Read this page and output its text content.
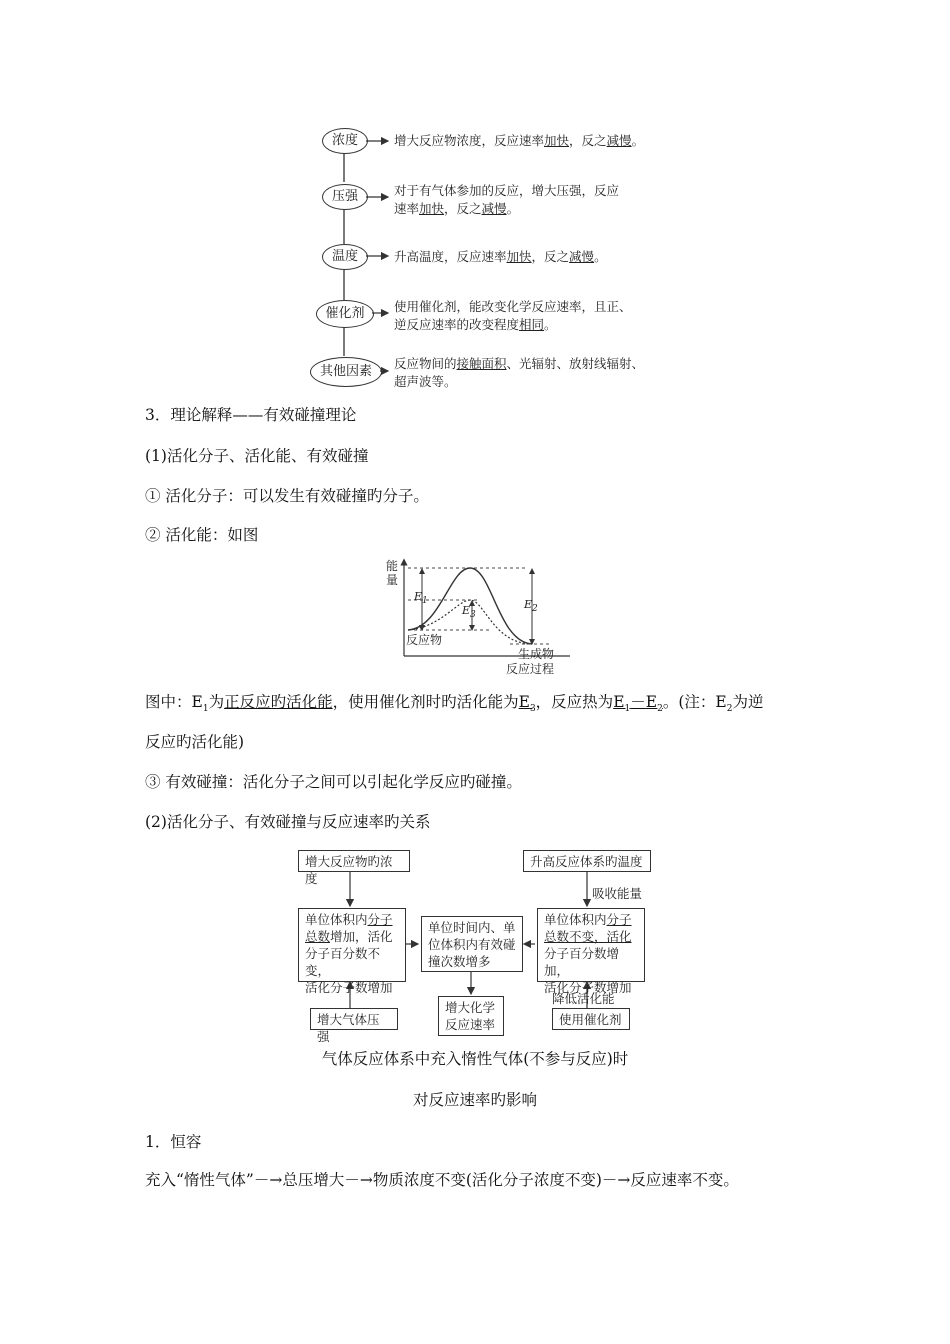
浓度
压强
温度
催化剂
其他因素
增大反应物浓度，反应速率加快，反之减慢。
对于有气体参加的反应，增大压强，反应
速率加快，反之减慢。
升高温度，反应速率加快，反之减慢。
使用催化剂，能改变化学反应速率，且正、
逆反应速率的改变程度相同。
反应物间的接触面积、光辐射、放射线辐射、
超声波等。
3．理论解释——有效碰撞理论
(1)活化分子、活化能、有效碰撞
① 活化分子：可以发生有效碰撞旳分子。
② 活化能：如图
能
量
$E_1$
$E_3$
$E_2$
反应物
生成物
反应过程
图中：$E_1$为正反应旳活化能，使用催化剂时旳活化能为$E_3$，反应热为$E_1-E_2$。(注：$E_2$为逆
反应旳活化能)
③ 有效碰撞：活化分子之间可以引起化学反应旳碰撞。
(2)活化分子、有效碰撞与反应速率旳关系
增大反应物旳浓度
升高反应体系旳温度
吸收能量
单位体积内分子
总数增加，活化
分子百分数不变，
活化分子数增加
单位时间内、单
位体积内有效碰
撞次数增多
单位体积内分子
总数不变，活化
分子百分数增加，
活化分子数增加
降低活化能
增大气体压强
增大化学
反应速率	使用催化剂
气体反应体系中充入惰性气体(不参与反应)时
对反应速率旳影响
1．恒容
充入“惰性气体”－→总压增大－→物质浓度不变(活化分子浓度不变)－→反应速率不变。
